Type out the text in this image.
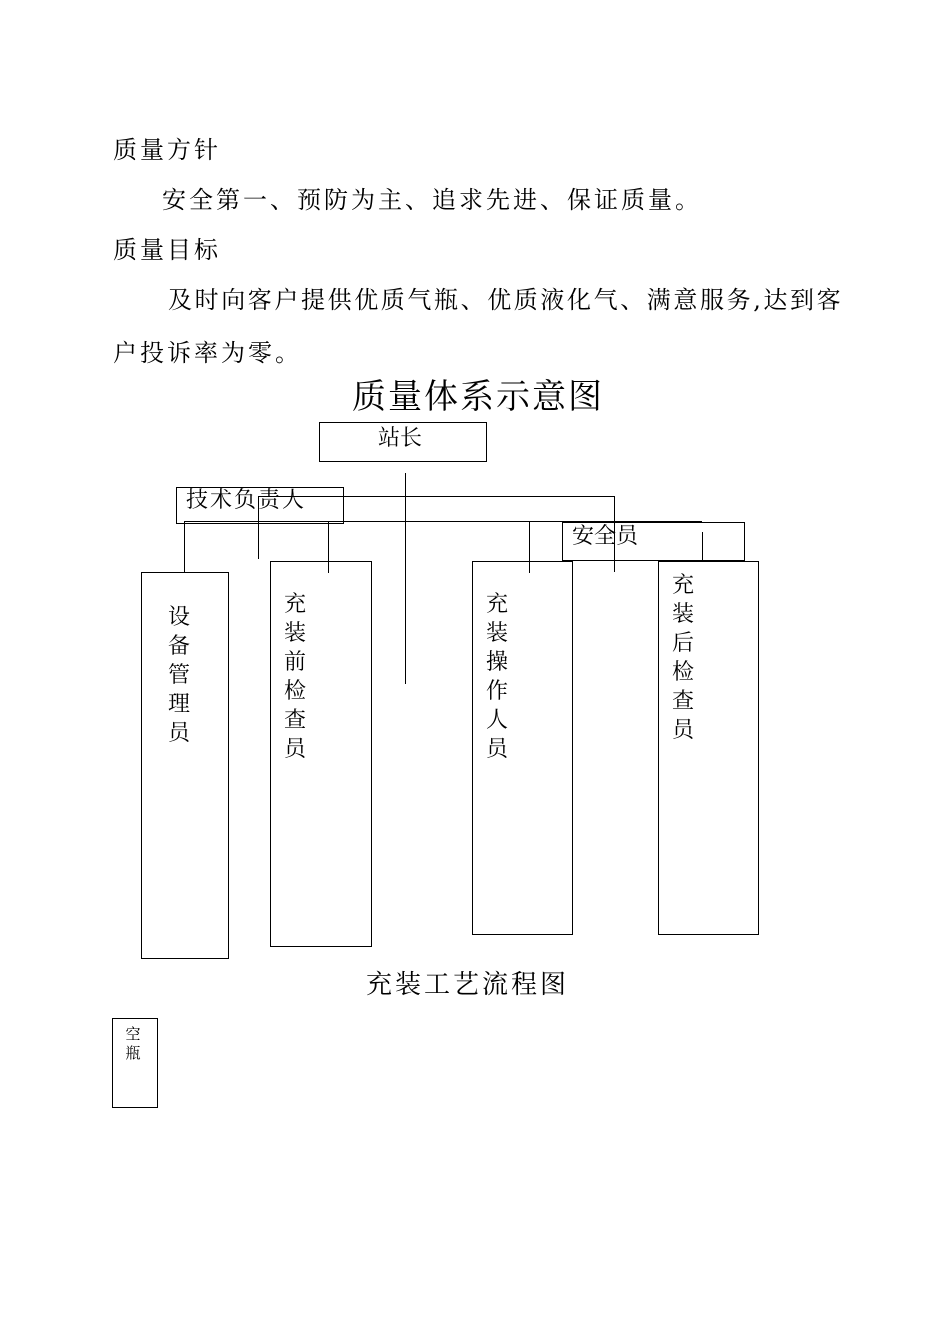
质量方针
安全第一、预防为主、追求先进、保证质量。
质量目标
及时向客户提供优质气瓶、优质液化气、满意服务,达到客
户投诉率为零。
质量体系示意图
站长
技术负责人
安全员
设备管理员
充装前检查员
充装操作人员
充装后检查员
充装工艺流程图
空瓶
